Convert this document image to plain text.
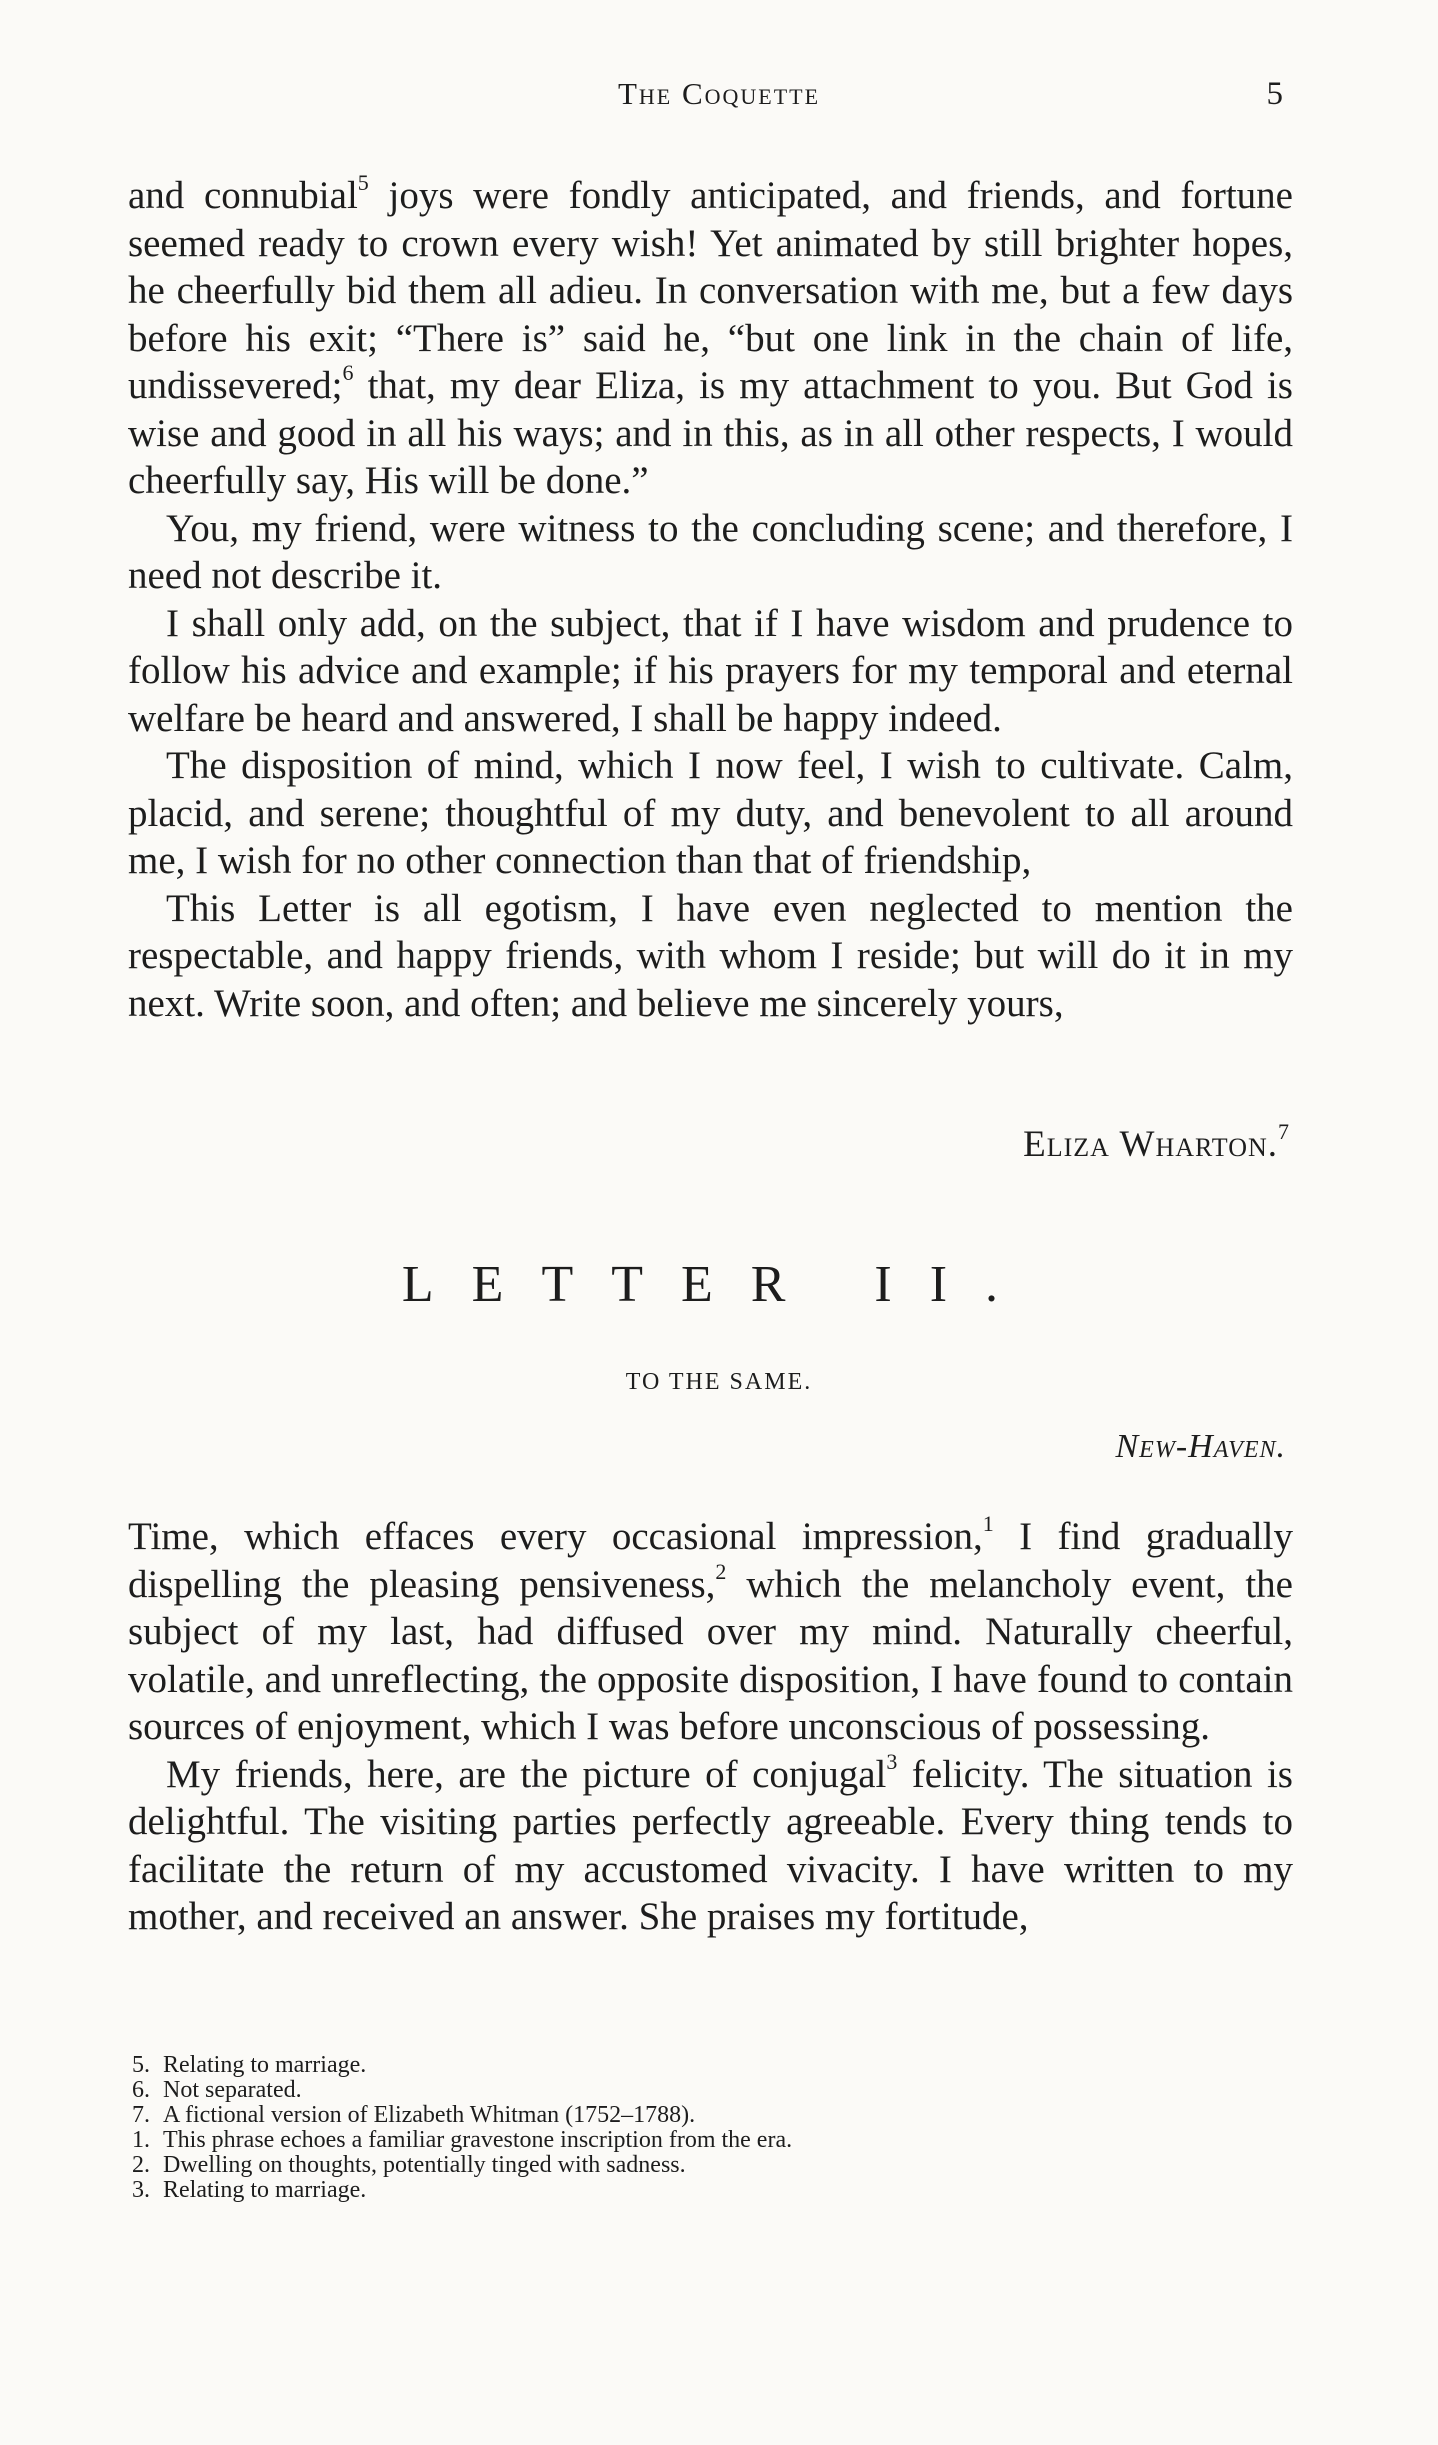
The Coquette	5

and connubial$^5$ joys were fondly anticipated, and friends, and fortune seemed ready to crown every wish! Yet animated by still brighter hopes, he cheerfully bid them all adieu. In conversation with me, but a few days before his exit; “There is” said he, “but one link in the chain of life, undissevered;$^6$ that, my dear Eliza, is my attachment to you. But God is wise and good in all his ways; and in this, as in all other respects, I would cheerfully say, His will be done.”

You, my friend, were witness to the concluding scene; and therefore, I need not describe it.

I shall only add, on the subject, that if I have wisdom and prudence to follow his advice and example; if his prayers for my temporal and eternal welfare be heard and answered, I shall be happy indeed.

The disposition of mind, which I now feel, I wish to cultivate. Calm, placid, and serene; thoughtful of my duty, and benevolent to all around me, I wish for no other connection than that of friendship,

This Letter is all egotism, I have even neglected to mention the respectable, and happy friends, with whom I reside; but will do it in my next. Write soon, and often; and believe me sincerely yours,

Eliza Wharton.$^7$
LETTER II.
TO THE SAME.
New-Haven.

Time, which effaces every occasional impression,$^1$ I find gradually dispelling the pleasing pensiveness,$^2$ which the melancholy event, the subject of my last, had diffused over my mind. Naturally cheerful, volatile, and unreflecting, the opposite disposition, I have found to contain sources of enjoyment, which I was before unconscious of possessing.

My friends, here, are the picture of conjugal$^3$ felicity. The situation is delightful. The visiting parties perfectly agreeable. Every thing tends to facilitate the return of my accustomed vivacity. I have written to my mother, and received an answer. She praises my fortitude,

5. Relating to marriage.
6. Not separated.
7. A fictional version of Elizabeth Whitman (1752–1788).
1. This phrase echoes a familiar gravestone inscription from the era.
2. Dwelling on thoughts, potentially tinged with sadness.
3. Relating to marriage.
